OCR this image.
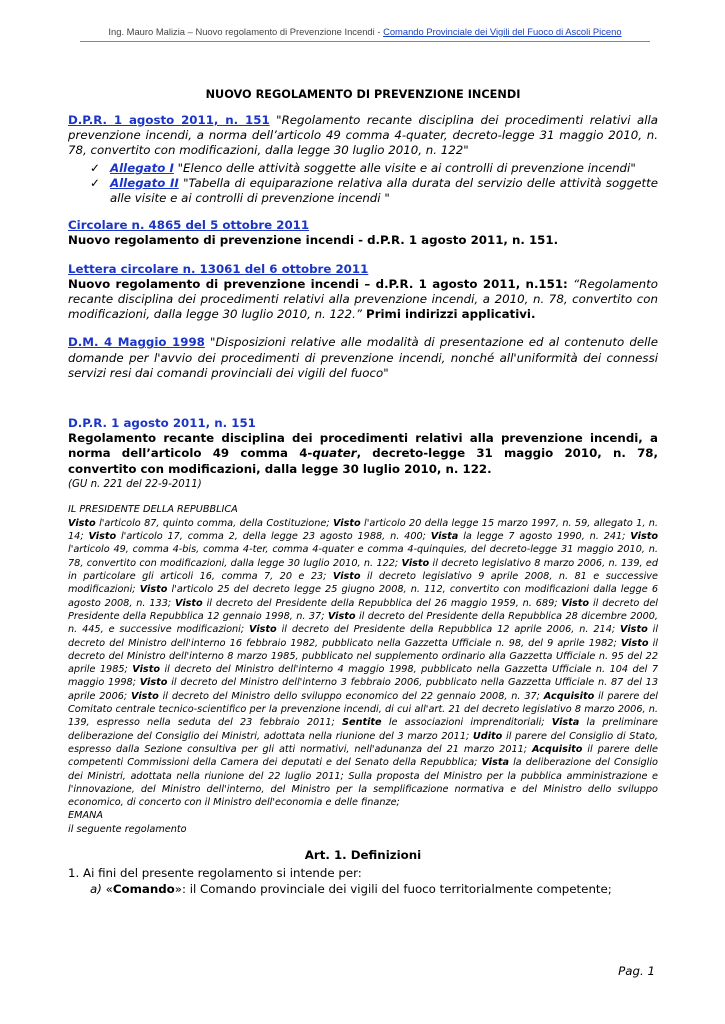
Ing. Mauro Malizia – Nuovo regolamento di Prevenzione Incendi - Comando Provinciale dei Vigili del Fuoco di Ascoli Piceno
NUOVO REGOLAMENTO DI PREVENZIONE INCENDI

D.P.R. 1 agosto 2011, n. 151 "Regolamento recante disciplina dei procedimenti relativi alla prevenzione incendi, a norma dell’articolo 49 comma 4-quater, decreto-legge 31 maggio 2010, n. 78, convertito con modificazioni, dalla legge 30 luglio 2010, n. 122"

✓ Allegato I "Elenco delle attività soggette alle visite e ai controlli di prevenzione incendi"
✓ Allegato II "Tabella di equiparazione relativa alla durata del servizio delle attività soggette alle visite e ai controlli di prevenzione incendi "

Circolare n. 4865 del 5 ottobre 2011
Nuovo regolamento di prevenzione incendi - d.P.R. 1 agosto 2011, n. 151.

Lettera circolare n. 13061 del 6 ottobre 2011
Nuovo regolamento di prevenzione incendi – d.P.R. 1 agosto 2011, n.151: “Regolamento recante disciplina dei procedimenti relativi alla prevenzione incendi, a 2010, n. 78, convertito con modificazioni, dalla legge 30 luglio 2010, n. 122.” Primi indirizzi applicativi.

D.M. 4 Maggio 1998 "Disposizioni relative alle modalità di presentazione ed al contenuto delle domande per l'avvio dei procedimenti di prevenzione incendi, nonché all'uniformità dei connessi servizi resi dai comandi provinciali dei vigili del fuoco"

D.P.R. 1 agosto 2011, n. 151
Regolamento recante disciplina dei procedimenti relativi alla prevenzione incendi, a norma dell’articolo 49 comma 4-quater, decreto-legge 31 maggio 2010, n. 78, convertito con modificazioni, dalla legge 30 luglio 2010, n. 122.

(GU n. 221 del 22-9-2011)
IL PRESIDENTE DELLA REPUBBLICA

Visto l'articolo 87, quinto comma, della Costituzione; Visto l'articolo 20 della legge 15 marzo 1997, n. 59, allegato 1, n. 14; Visto l'articolo 17, comma 2, della legge 23 agosto 1988, n. 400; Vista la legge 7 agosto 1990, n. 241; Visto l'articolo 49, comma 4-bis, comma 4-ter, comma 4-quater e comma 4-quinquies, del decreto-legge 31 maggio 2010, n. 78, convertito con modificazioni, dalla legge 30 luglio 2010, n. 122; Visto il decreto legislativo 8 marzo 2006, n. 139, ed in particolare gli articoli 16, comma 7, 20 e 23; Visto il decreto legislativo 9 aprile 2008, n. 81 e successive modificazioni; Visto l'articolo 25 del decreto legge 25 giugno 2008, n. 112, convertito con modificazioni dalla legge 6 agosto 2008, n. 133; Visto il decreto del Presidente della Repubblica del 26 maggio 1959, n. 689; Visto il decreto del Presidente della Repubblica 12 gennaio 1998, n. 37; Visto il decreto del Presidente della Repubblica 28 dicembre 2000, n. 445, e successive modificazioni; Visto il decreto del Presidente della Repubblica 12 aprile 2006, n. 214; Visto il decreto del Ministro dell'interno 16 febbraio 1982, pubblicato nella Gazzetta Ufficiale n. 98, del 9 aprile 1982; Visto il decreto del Ministro dell'interno 8 marzo 1985, pubblicato nel supplemento ordinario alla Gazzetta Ufficiale n. 95 del 22 aprile 1985; Visto il decreto del Ministro dell'interno 4 maggio 1998, pubblicato nella Gazzetta Ufficiale n. 104 del 7 maggio 1998; Visto il decreto del Ministro dell'interno 3 febbraio 2006, pubblicato nella Gazzetta Ufficiale n. 87 del 13 aprile 2006; Visto il decreto del Ministro dello sviluppo economico del 22 gennaio 2008, n. 37; Acquisito il parere del Comitato centrale tecnico-scientifico per la prevenzione incendi, di cui all'art. 21 del decreto legislativo 8 marzo 2006, n. 139, espresso nella seduta del 23 febbraio 2011; Sentite le associazioni imprenditoriali; Vista la preliminare deliberazione del Consiglio dei Ministri, adottata nella riunione del 3 marzo 2011; Udito il parere del Consiglio di Stato, espresso dalla Sezione consultiva per gli atti normativi, nell'adunanza del 21 marzo 2011; Acquisito il parere delle competenti Commissioni della Camera dei deputati e del Senato della Repubblica; Vista la deliberazione del Consiglio dei Ministri, adottata nella riunione del 22 luglio 2011; Sulla proposta del Ministro per la pubblica amministrazione e l'innovazione, del Ministro dell'interno, del Ministro per la semplificazione normativa e del Ministro dello sviluppo economico, di concerto con il Ministro dell'economia e delle finanze;

EMANA

il seguente regolamento

Art. 1. Definizioni

1. Ai fini del presente regolamento si intende per:

a) «Comando»: il Comando provinciale dei vigili del fuoco territorialmente competente;

Pag. 1
